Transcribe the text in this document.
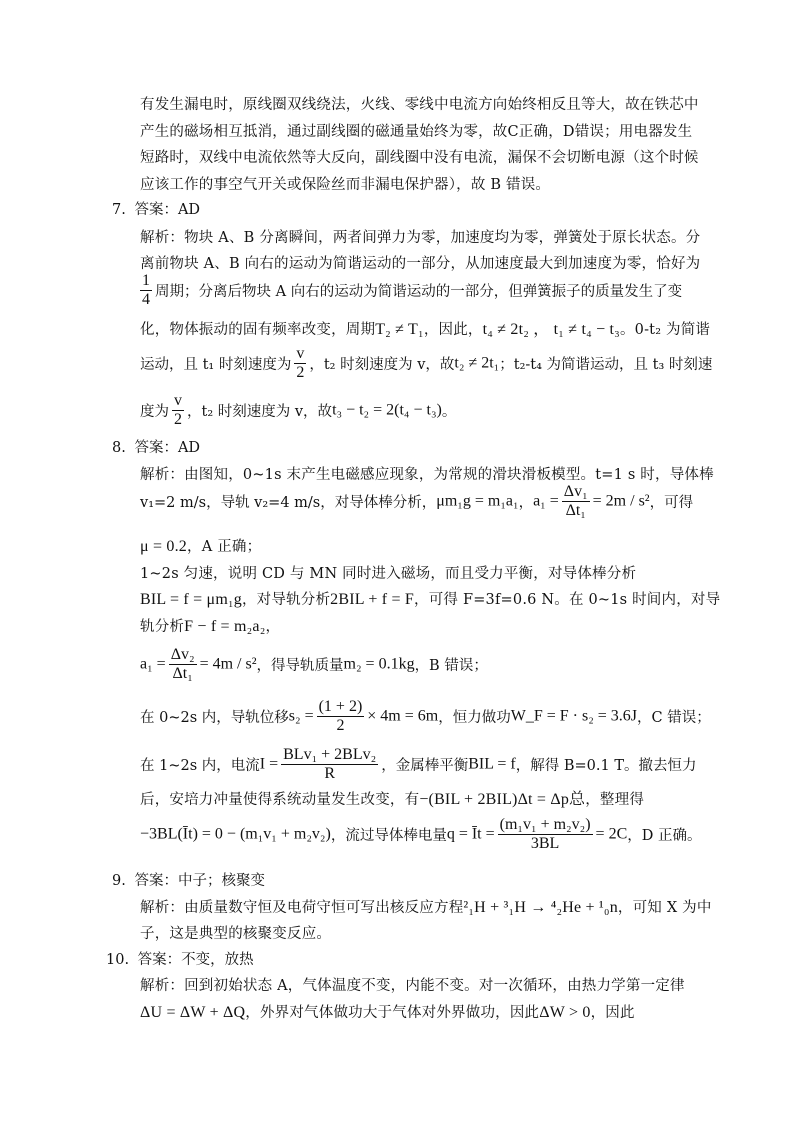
有发生漏电时，原线圈双线绕法，火线、零线中电流方向始终相反且等大，故在铁芯中
产生的磁场相互抵消，通过副线圈的磁通量始终为零，故C正确，D错误；用电器发生
短路时，双线中电流依然等大反向，副线圈中没有电流，漏保不会切断电源（这个时候
应该工作的事空气开关或保险丝而非漏电保护器），故 B 错误。
7. 答案：AD
解析：物块 A、B 分离瞬间，两者间弹力为零，加速度均为零，弹簧处于原长状态。分
离前物块 A、B 向右的运动为简谐运动的一部分，从加速度最大到加速度为零，恰好为
$\frac{1}{4}$ 周期；分离后物块 A 向右的运动为简谐运动的一部分，但弹簧振子的质量发生了变
化，物体振动的固有频率改变，周期T₂ ≠ T₁，因此，t₄ ≠ 2t₂ ， t₁ ≠ t₄ − t₃。0-t₂ 为简谐
运动，且 t₁ 时刻速度为 $\frac{v}{2}$ ，t₂ 时刻速度为 v，故t₂ ≠ 2t₁；t₂-t₄ 为简谐运动，且 t₃ 时刻速
度为 $\frac{v}{2}$ ，t₂ 时刻速度为 v，故t₃ − t₂ = 2(t₄ − t₃)。
8. 答案：AD
解析：由图知，0~1s 末产生电磁感应现象，为常规的滑块滑板模型。t=1 s 时，导体棒
v₁=2 m/s，导轨 v₂=4 m/s，对导体棒分析，μm₁g = m₁a₁，$a_1 = \frac{\text{Δv₁}}{\text{Δt₁}} = 2m / s^2$，可得
μ = 0.2，A 正确；
1~2s 匀速，说明 CD 与 MN 同时进入磁场，而且受力平衡，对导体棒分析
BIL = f = μm₁g，对导轨分析2BIL + f = F，可得 F=3f=0.6 N。在 0~1s 时间内，对导
轨分析F − f = m₂a₂，
$a_1 = \frac{\text{Δv₂}}{\text{Δt₁}} = 4m / s^2$，得导轨质量m₂ = 0.1kg，B 错误；
在 0~2s 内，导轨位移$s_2 = \frac{(1 + 2)}{2} \times 4m = 6m$，恒力做功W_F = F · s₂ = 3.6J，C 错误；
在 1~2s 内，电流$I = \frac{\text{BLv₁ + 2BLv₂}}{R}$ ，金属棒平衡BIL = f，解得 B=0.1 T。撤去恒力
后，安培力冲量使得系统动量发生改变，有−(BIL + 2BIL)Δt = Δp总，整理得
−3BL(Īt) = 0 − (m₁v₁ + m₂v₂)，流过导体棒电量q = Īt = $\frac{\text{(m₁v₁ + m₂v₂)}}{3BL} = 2C$，D 正确。
9. 答案：中子；核聚变
解析：由质量数守恒及电荷守恒可写出核反应方程²₁H + ³₁H → ⁴₂He + ¹₀n，可知 X 为中
子，这是典型的核聚变反应。
10. 答案：不变，放热
解析：回到初始状态 A，气体温度不变，内能不变。对一次循环，由热力学第一定律
ΔU = ΔW + ΔQ，外界对气体做功大于气体对外界做功，因此ΔW > 0，因此
